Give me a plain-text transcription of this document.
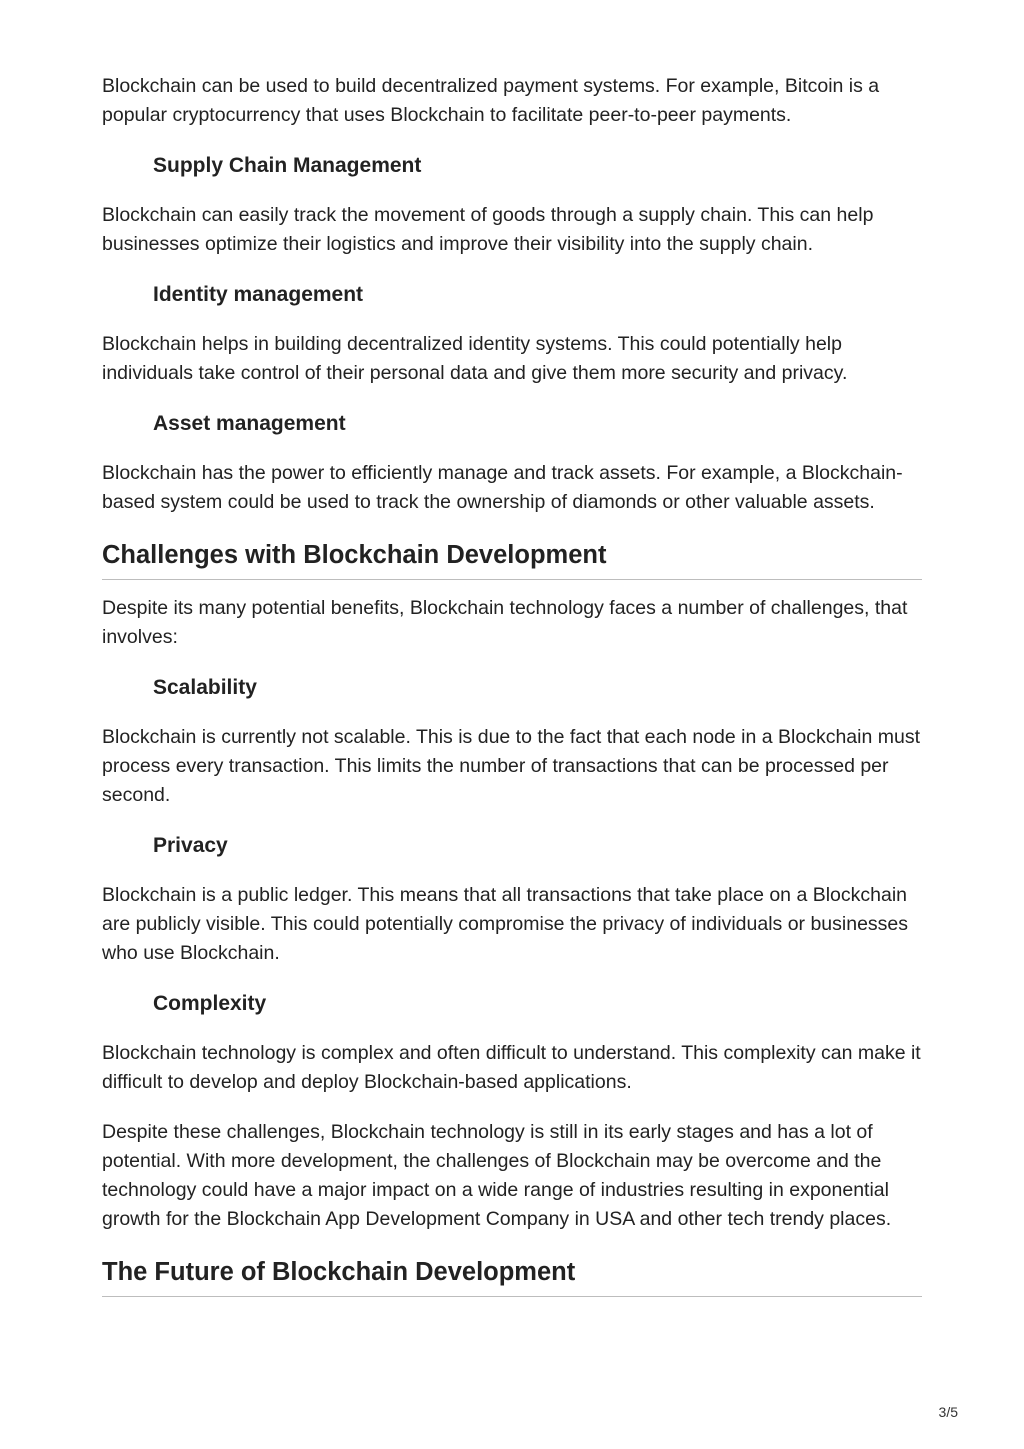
Blockchain can be used to build decentralized payment systems. For example, Bitcoin is a popular cryptocurrency that uses Blockchain to facilitate peer-to-peer payments.

Supply Chain Management

Blockchain can easily track the movement of goods through a supply chain. This can help businesses optimize their logistics and improve their visibility into the supply chain.

Identity management

Blockchain helps in building decentralized identity systems. This could potentially help individuals take control of their personal data and give them more security and privacy.

Asset management

Blockchain has the power to efficiently manage and track assets. For example, a Blockchain-based system could be used to track the ownership of diamonds or other valuable assets.

Challenges with Blockchain Development

Despite its many potential benefits, Blockchain technology faces a number of challenges, that involves:

Scalability

Blockchain is currently not scalable. This is due to the fact that each node in a Blockchain must process every transaction. This limits the number of transactions that can be processed per second.

Privacy

Blockchain is a public ledger. This means that all transactions that take place on a Blockchain are publicly visible. This could potentially compromise the privacy of individuals or businesses who use Blockchain.

Complexity

Blockchain technology is complex and often difficult to understand. This complexity can make it difficult to develop and deploy Blockchain-based applications.

Despite these challenges, Blockchain technology is still in its early stages and has a lot of potential. With more development, the challenges of Blockchain may be overcome and the technology could have a major impact on a wide range of industries resulting in exponential growth for the Blockchain App Development Company in USA and other tech trendy places.

The Future of Blockchain Development
3/5
